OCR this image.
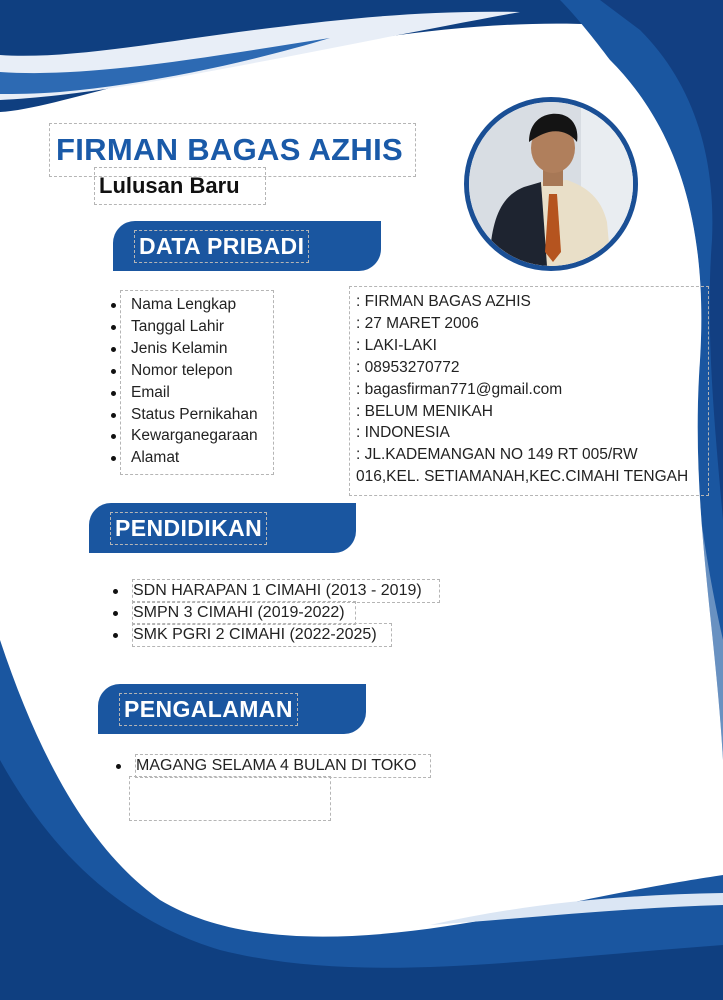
FIRMAN BAGAS AZHIS
Lulusan Baru
DATA PRIBADI
Nama Lengkap
Tanggal Lahir
Jenis Kelamin
Nomor telepon
Email
Status Pernikahan
Kewarganegaraan
Alamat
: FIRMAN BAGAS AZHIS
: 27 MARET 2006
: LAKI-LAKI
: 08953270772
: bagasfirman771@gmail.com
: BELUM MENIKAH
: INDONESIA
: JL.KADEMANGAN NO 149 RT 005/RW 016,KEL. SETIAMANAH,KEC.CIMAHI TENGAH
PENDIDIKAN
SDN HARAPAN 1 CIMAHI (2013 - 2019)
SMPN 3 CIMAHI (2019-2022)
SMK PGRI 2 CIMAHI (2022-2025)
PENGALAMAN
MAGANG SELAMA 4 BULAN DI TOKO
